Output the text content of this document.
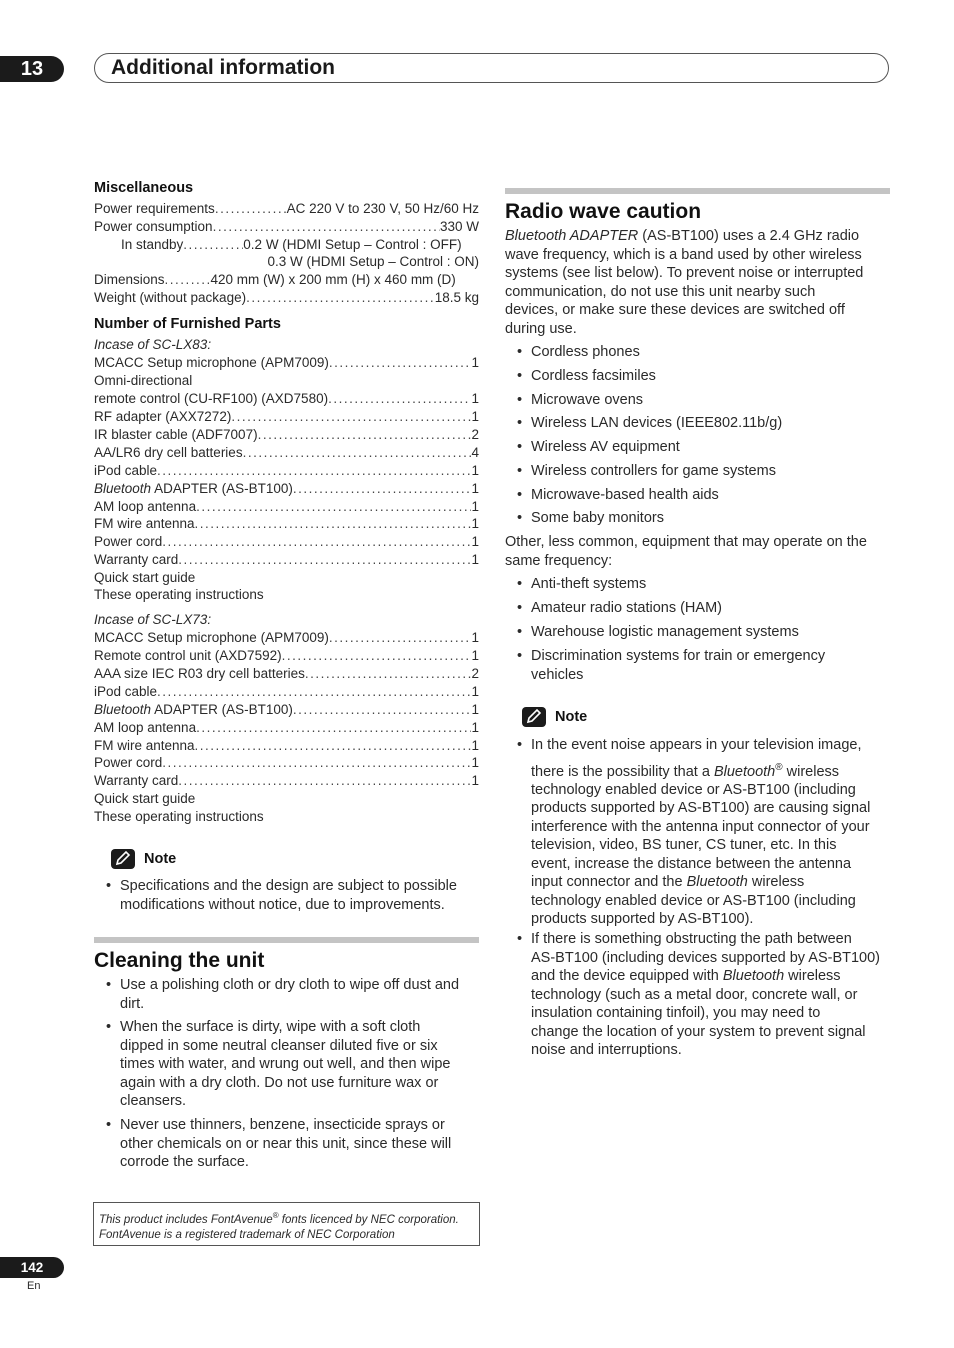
13	Additional information
Miscellaneous
Power requirements .....	AC 220 V to 230 V, 50 Hz/60 Hz
Power consumption .....	330 W
In standby .....	0.2 W (HDMI Setup – Control : OFF)
0.3 W (HDMI Setup – Control : ON)
Dimensions .....	420 mm (W) x 200 mm (H) x 460 mm (D)
Weight (without package) .....	18.5 kg
Number of Furnished Parts
Incase of SC-LX83:
MCACC Setup microphone (APM7009) .....	1
Omni-directional
remote control (CU-RF100) (AXD7580) .....	1
RF adapter (AXX7272) .....	1
IR blaster cable (ADF7007) .....	2
AA/LR6 dry cell batteries .....	4
iPod cable .....	1
Bluetooth ADAPTER (AS-BT100) .....	1
AM loop antenna .....	1
FM wire antenna .....	1
Power cord .....	1
Warranty card .....	1
Quick start guide
These operating instructions
Incase of SC-LX73:
MCACC Setup microphone (APM7009) .....	1
Remote control unit (AXD7592) .....	1
AAA size IEC R03 dry cell batteries .....	2
iPod cable .....	1
Bluetooth ADAPTER (AS-BT100) .....	1
AM loop antenna .....	1
FM wire antenna .....	1
Power cord .....	1
Warranty card .....	1
Quick start guide
These operating instructions
Note
• Specifications and the design are subject to possible
modifications without notice, due to improvements.
Cleaning the unit
• Use a polishing cloth or dry cloth to wipe off dust and
dirt.
• When the surface is dirty, wipe with a soft cloth
dipped in some neutral cleanser diluted five or six
times with water, and wrung out well, and then wipe
again with a dry cloth. Do not use furniture wax or
cleansers.
• Never use thinners, benzene, insecticide sprays or
other chemicals on or near this unit, since these will
corrode the surface.
This product includes FontAvenue® fonts licenced by NEC corporation.
FontAvenue is a registered trademark of NEC Corporation
Radio wave caution
Bluetooth ADAPTER (AS-BT100) uses a 2.4 GHz radio
wave frequency, which is a band used by other wireless
systems (see list below). To prevent noise or interrupted
communication, do not use this unit nearby such
devices, or make sure these devices are switched off
during use.
• Cordless phones
• Cordless facsimiles
• Microwave ovens
• Wireless LAN devices (IEEE802.11b/g)
• Wireless AV equipment
• Wireless controllers for game systems
• Microwave-based health aids
• Some baby monitors
Other, less common, equipment that may operate on the
same frequency:
• Anti-theft systems
• Amateur radio stations (HAM)
• Warehouse logistic management systems
• Discrimination systems for train or emergency
vehicles
Note
• In the event noise appears in your television image,
there is the possibility that a Bluetooth® wireless
technology enabled device or AS-BT100 (including
products supported by AS-BT100) are causing signal
interference with the antenna input connector of your
television, video, BS tuner, CS tuner, etc. In this
event, increase the distance between the antenna
input connector and the Bluetooth wireless
technology enabled device or AS-BT100 (including
products supported by AS-BT100).
• If there is something obstructing the path between
AS-BT100 (including devices supported by AS-BT100)
and the device equipped with Bluetooth wireless
technology (such as a metal door, concrete wall, or
insulation containing tinfoil), you may need to
change the location of your system to prevent signal
noise and interruptions.
142
En
